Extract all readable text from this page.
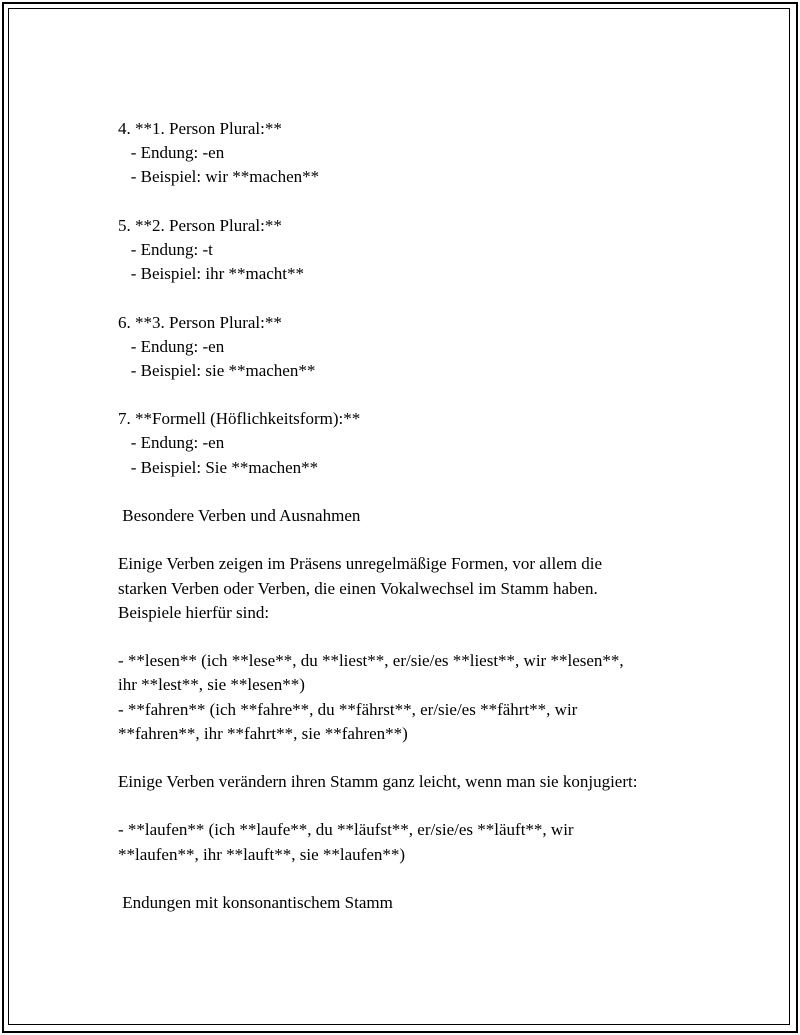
4. **1. Person Plural:**
- Endung: -en
- Beispiel: wir **machen**
5. **2. Person Plural:**
- Endung: -t
- Beispiel: ihr **macht**
6. **3. Person Plural:**
- Endung: -en
- Beispiel: sie **machen**
7. **Formell (Höflichkeitsform):**
- Endung: -en
- Beispiel: Sie **machen**
Besondere Verben und Ausnahmen
Einige Verben zeigen im Präsens unregelmäßige Formen, vor allem die
starken Verben oder Verben, die einen Vokalwechsel im Stamm haben.
Beispiele hierfür sind:
- **lesen** (ich **lese**, du **liest**, er/sie/es **liest**, wir **lesen**,
ihr **lest**, sie **lesen**)
- **fahren** (ich **fahre**, du **fährst**, er/sie/es **fährt**, wir
**fahren**, ihr **fahrt**, sie **fahren**)
Einige Verben verändern ihren Stamm ganz leicht, wenn man sie konjugiert:
- **laufen** (ich **laufe**, du **läufst**, er/sie/es **läuft**, wir
**laufen**, ihr **lauft**, sie **laufen**)
Endungen mit konsonantischem Stamm
